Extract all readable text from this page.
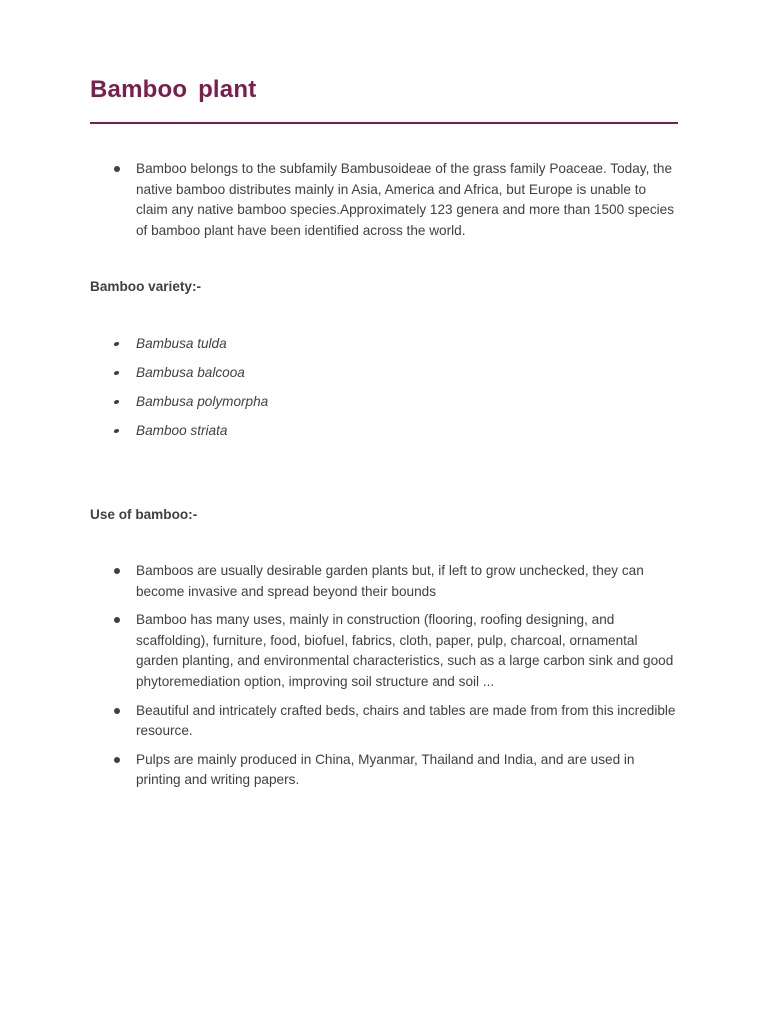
Bamboo plant
Bamboo belongs to the subfamily Bambusoideae of the grass family Poaceae. Today, the native bamboo distributes mainly in Asia, America and Africa, but Europe is unable to claim any native bamboo species.Approximately 123 genera and more than 1500 species of bamboo plant have been identified across the world.

Bamboo variety:-

Bambusa tulda
Bambusa balcooa
Bambusa polymorpha
Bamboo striata

Use of bamboo:-

Bamboos are usually desirable garden plants but, if left to grow unchecked, they can become invasive and spread beyond their bounds
Bamboo has many uses, mainly in construction (flooring, roofing designing, and scaffolding), furniture, food, biofuel, fabrics, cloth, paper, pulp, charcoal, ornamental garden planting, and environmental characteristics, such as a large carbon sink and good phytoremediation option, improving soil structure and soil ...
Beautiful and intricately crafted beds, chairs and tables are made from from this incredible resource.
Pulps are mainly produced in China, Myanmar, Thailand and India, and are used in printing and writing papers.
